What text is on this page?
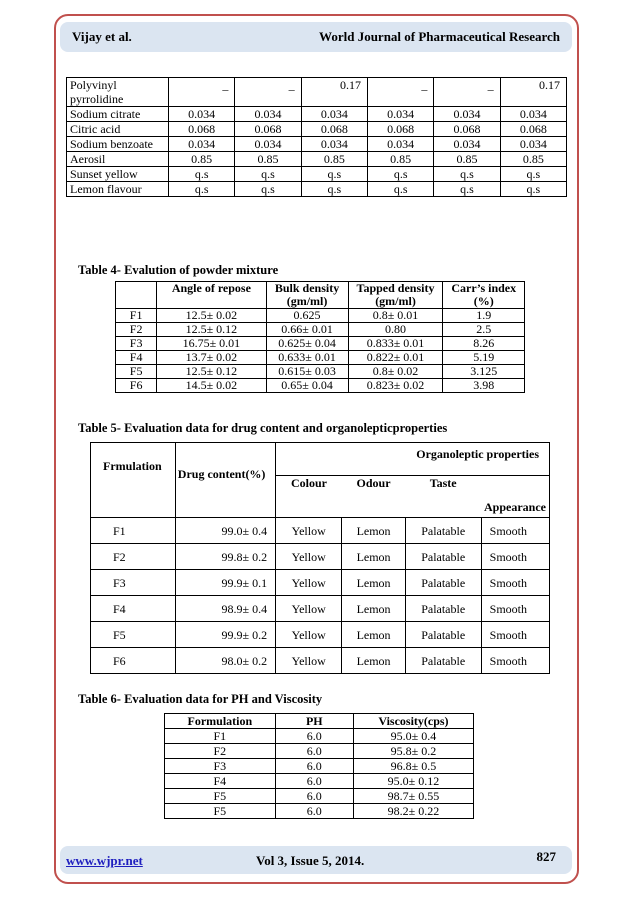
Vijay et al.	World Journal of Pharmaceutical Research
Polyvinyl pyrrolidine	_	_	0.17	_	_	0.17
Sodium citrate	0.034	0.034	0.034	0.034	0.034	0.034
Citric acid	0.068	0.068	0.068	0.068	0.068	0.068
Sodium benzoate	0.034	0.034	0.034	0.034	0.034	0.034
Aerosil	0.85	0.85	0.85	0.85	0.85	0.85
Sunset yellow	q.s	q.s	q.s	q.s	q.s	q.s
Lemon flavour	q.s	q.s	q.s	q.s	q.s	q.s
Table 4- Evalution of powder mixture
	Angle of repose	Bulk density (gm/ml)	Tapped density (gm/ml)	Carr’s index (%)
F1	12.5± 0.02	0.625	0.8± 0.01	1.9
F2	12.5± 0.12	0.66± 0.01	0.80	2.5
F3	16.75± 0.01	0.625± 0.04	0.833± 0.01	8.26
F4	13.7± 0.02	0.633± 0.01	0.822± 0.01	5.19
F5	12.5± 0.12	0.615± 0.03	0.8± 0.02	3.125
F6	14.5± 0.02	0.65± 0.04	0.823± 0.02	3.98
Table 5- Evaluation data for drug content and organolepticproperties
Frmulation	Drug content(%)	Organoleptic properties			
		Colour	Odour	Taste	Appearance
F1	99.0± 0.4	Yellow	Lemon	Palatable	Smooth
F2	99.8± 0.2	Yellow	Lemon	Palatable	Smooth
F3	99.9± 0.1	Yellow	Lemon	Palatable	Smooth
F4	98.9± 0.4	Yellow	Lemon	Palatable	Smooth
F5	99.9± 0.2	Yellow	Lemon	Palatable	Smooth
F6	98.0± 0.2	Yellow	Lemon	Palatable	Smooth
Table 6- Evaluation data for PH and Viscosity
Formulation	PH	Viscosity(cps)
F1	6.0	95.0± 0.4
F2	6.0	95.8± 0.2
F3	6.0	96.8± 0.5
F4	6.0	95.0± 0.12
F5	6.0	98.7± 0.55
F5	6.0	98.2± 0.22
www.wjpr.net	Vol 3, Issue 5, 2014.	827
